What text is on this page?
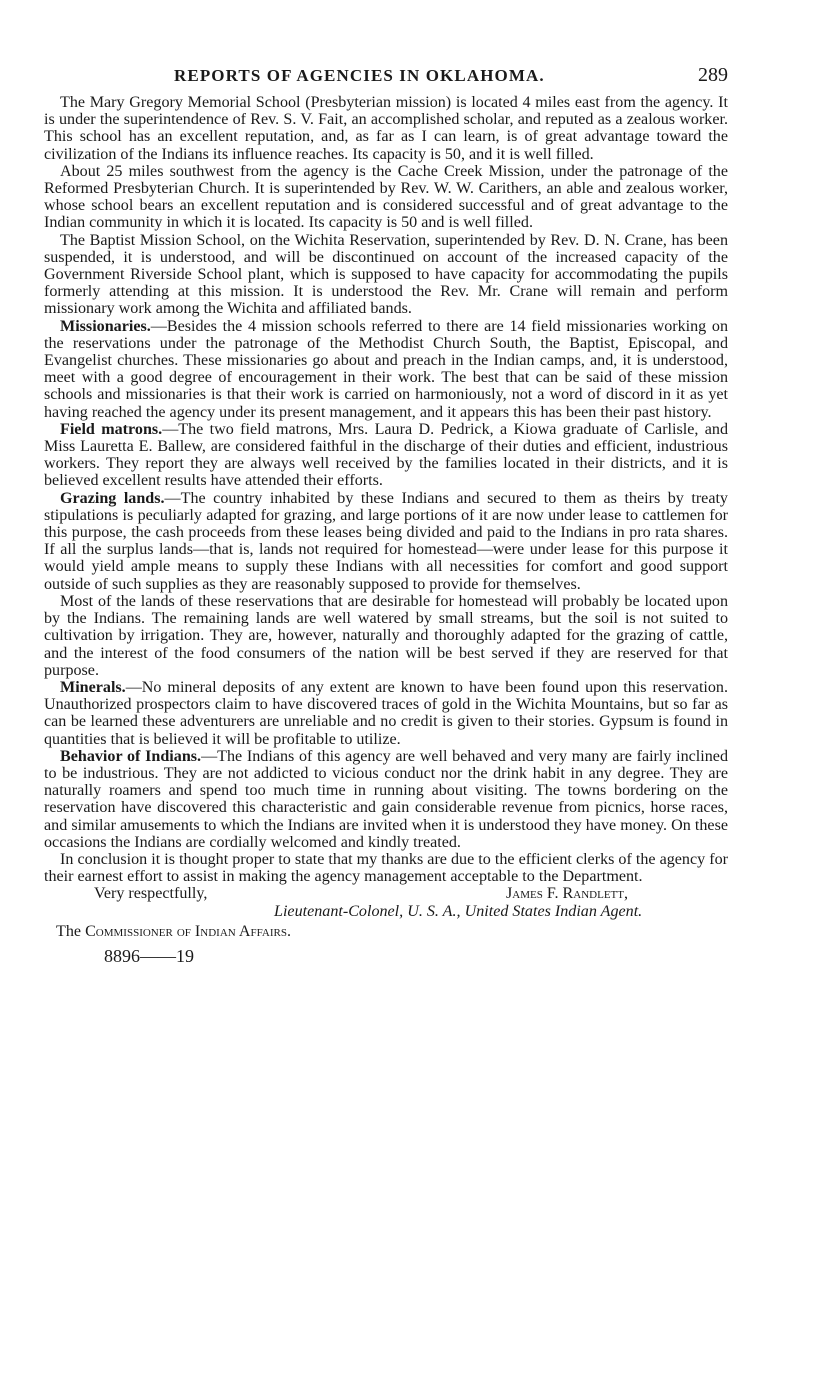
REPORTS OF AGENCIES IN OKLAHOMA.	289

The Mary Gregory Memorial School (Presbyterian mission) is located 4 miles east from the agency. It is under the superintendence of Rev. S. V. Fait, an accomplished scholar, and reputed as a zealous worker. This school has an excellent reputation, and, as far as I can learn, is of great advantage toward the civilization of the Indians its influence reaches. Its capacity is 50, and it is well filled.

About 25 miles southwest from the agency is the Cache Creek Mission, under the patronage of the Reformed Presbyterian Church. It is superintended by Rev. W. W. Carithers, an able and zealous worker, whose school bears an excellent reputation and is considered successful and of great advantage to the Indian community in which it is located. Its capacity is 50 and is well filled.

The Baptist Mission School, on the Wichita Reservation, superintended by Rev. D. N. Crane, has been suspended, it is understood, and will be discontinued on account of the increased capacity of the Government Riverside School plant, which is supposed to have capacity for accommodating the pupils formerly attending at this mission. It is understood the Rev. Mr. Crane will remain and perform missionary work among the Wichita and affiliated bands.

Missionaries.—Besides the 4 mission schools referred to there are 14 field missionaries working on the reservations under the patronage of the Methodist Church South, the Baptist, Episcopal, and Evangelist churches. These missionaries go about and preach in the Indian camps, and, it is understood, meet with a good degree of encouragement in their work. The best that can be said of these mission schools and missionaries is that their work is carried on harmoniously, not a word of discord in it as yet having reached the agency under its present management, and it appears this has been their past history.

Field matrons.—The two field matrons, Mrs. Laura D. Pedrick, a Kiowa graduate of Carlisle, and Miss Lauretta E. Ballew, are considered faithful in the discharge of their duties and efficient, industrious workers. They report they are always well received by the families located in their districts, and it is believed excellent results have attended their efforts.

Grazing lands.—The country inhabited by these Indians and secured to them as theirs by treaty stipulations is peculiarly adapted for grazing, and large portions of it are now under lease to cattlemen for this purpose, the cash proceeds from these leases being divided and paid to the Indians in pro rata shares. If all the surplus lands—that is, lands not required for homestead—were under lease for this purpose it would yield ample means to supply these Indians with all necessities for comfort and good support outside of such supplies as they are reasonably supposed to provide for themselves.

Most of the lands of these reservations that are desirable for homestead will probably be located upon by the Indians. The remaining lands are well watered by small streams, but the soil is not suited to cultivation by irrigation. They are, however, naturally and thoroughly adapted for the grazing of cattle, and the interest of the food consumers of the nation will be best served if they are reserved for that purpose.

Minerals.—No mineral deposits of any extent are known to have been found upon this reservation. Unauthorized prospectors claim to have discovered traces of gold in the Wichita Mountains, but so far as can be learned these adventurers are unreliable and no credit is given to their stories. Gypsum is found in quantities that is believed it will be profitable to utilize.

Behavior of Indians.—The Indians of this agency are well behaved and very many are fairly inclined to be industrious. They are not addicted to vicious conduct nor the drink habit in any degree. They are naturally roamers and spend too much time in running about visiting. The towns bordering on the reservation have discovered this characteristic and gain considerable revenue from picnics, horse races, and similar amusements to which the Indians are invited when it is understood they have money. On these occasions the Indians are cordially welcomed and kindly treated.

In conclusion it is thought proper to state that my thanks are due to the efficient clerks of the agency for their earnest effort to assist in making the agency management acceptable to the Department.

Very respectfully,	James F. Randlett,
Lieutenant-Colonel, U. S. A., United States Indian Agent.
The Commissioner of Indian Affairs.
8896——19
